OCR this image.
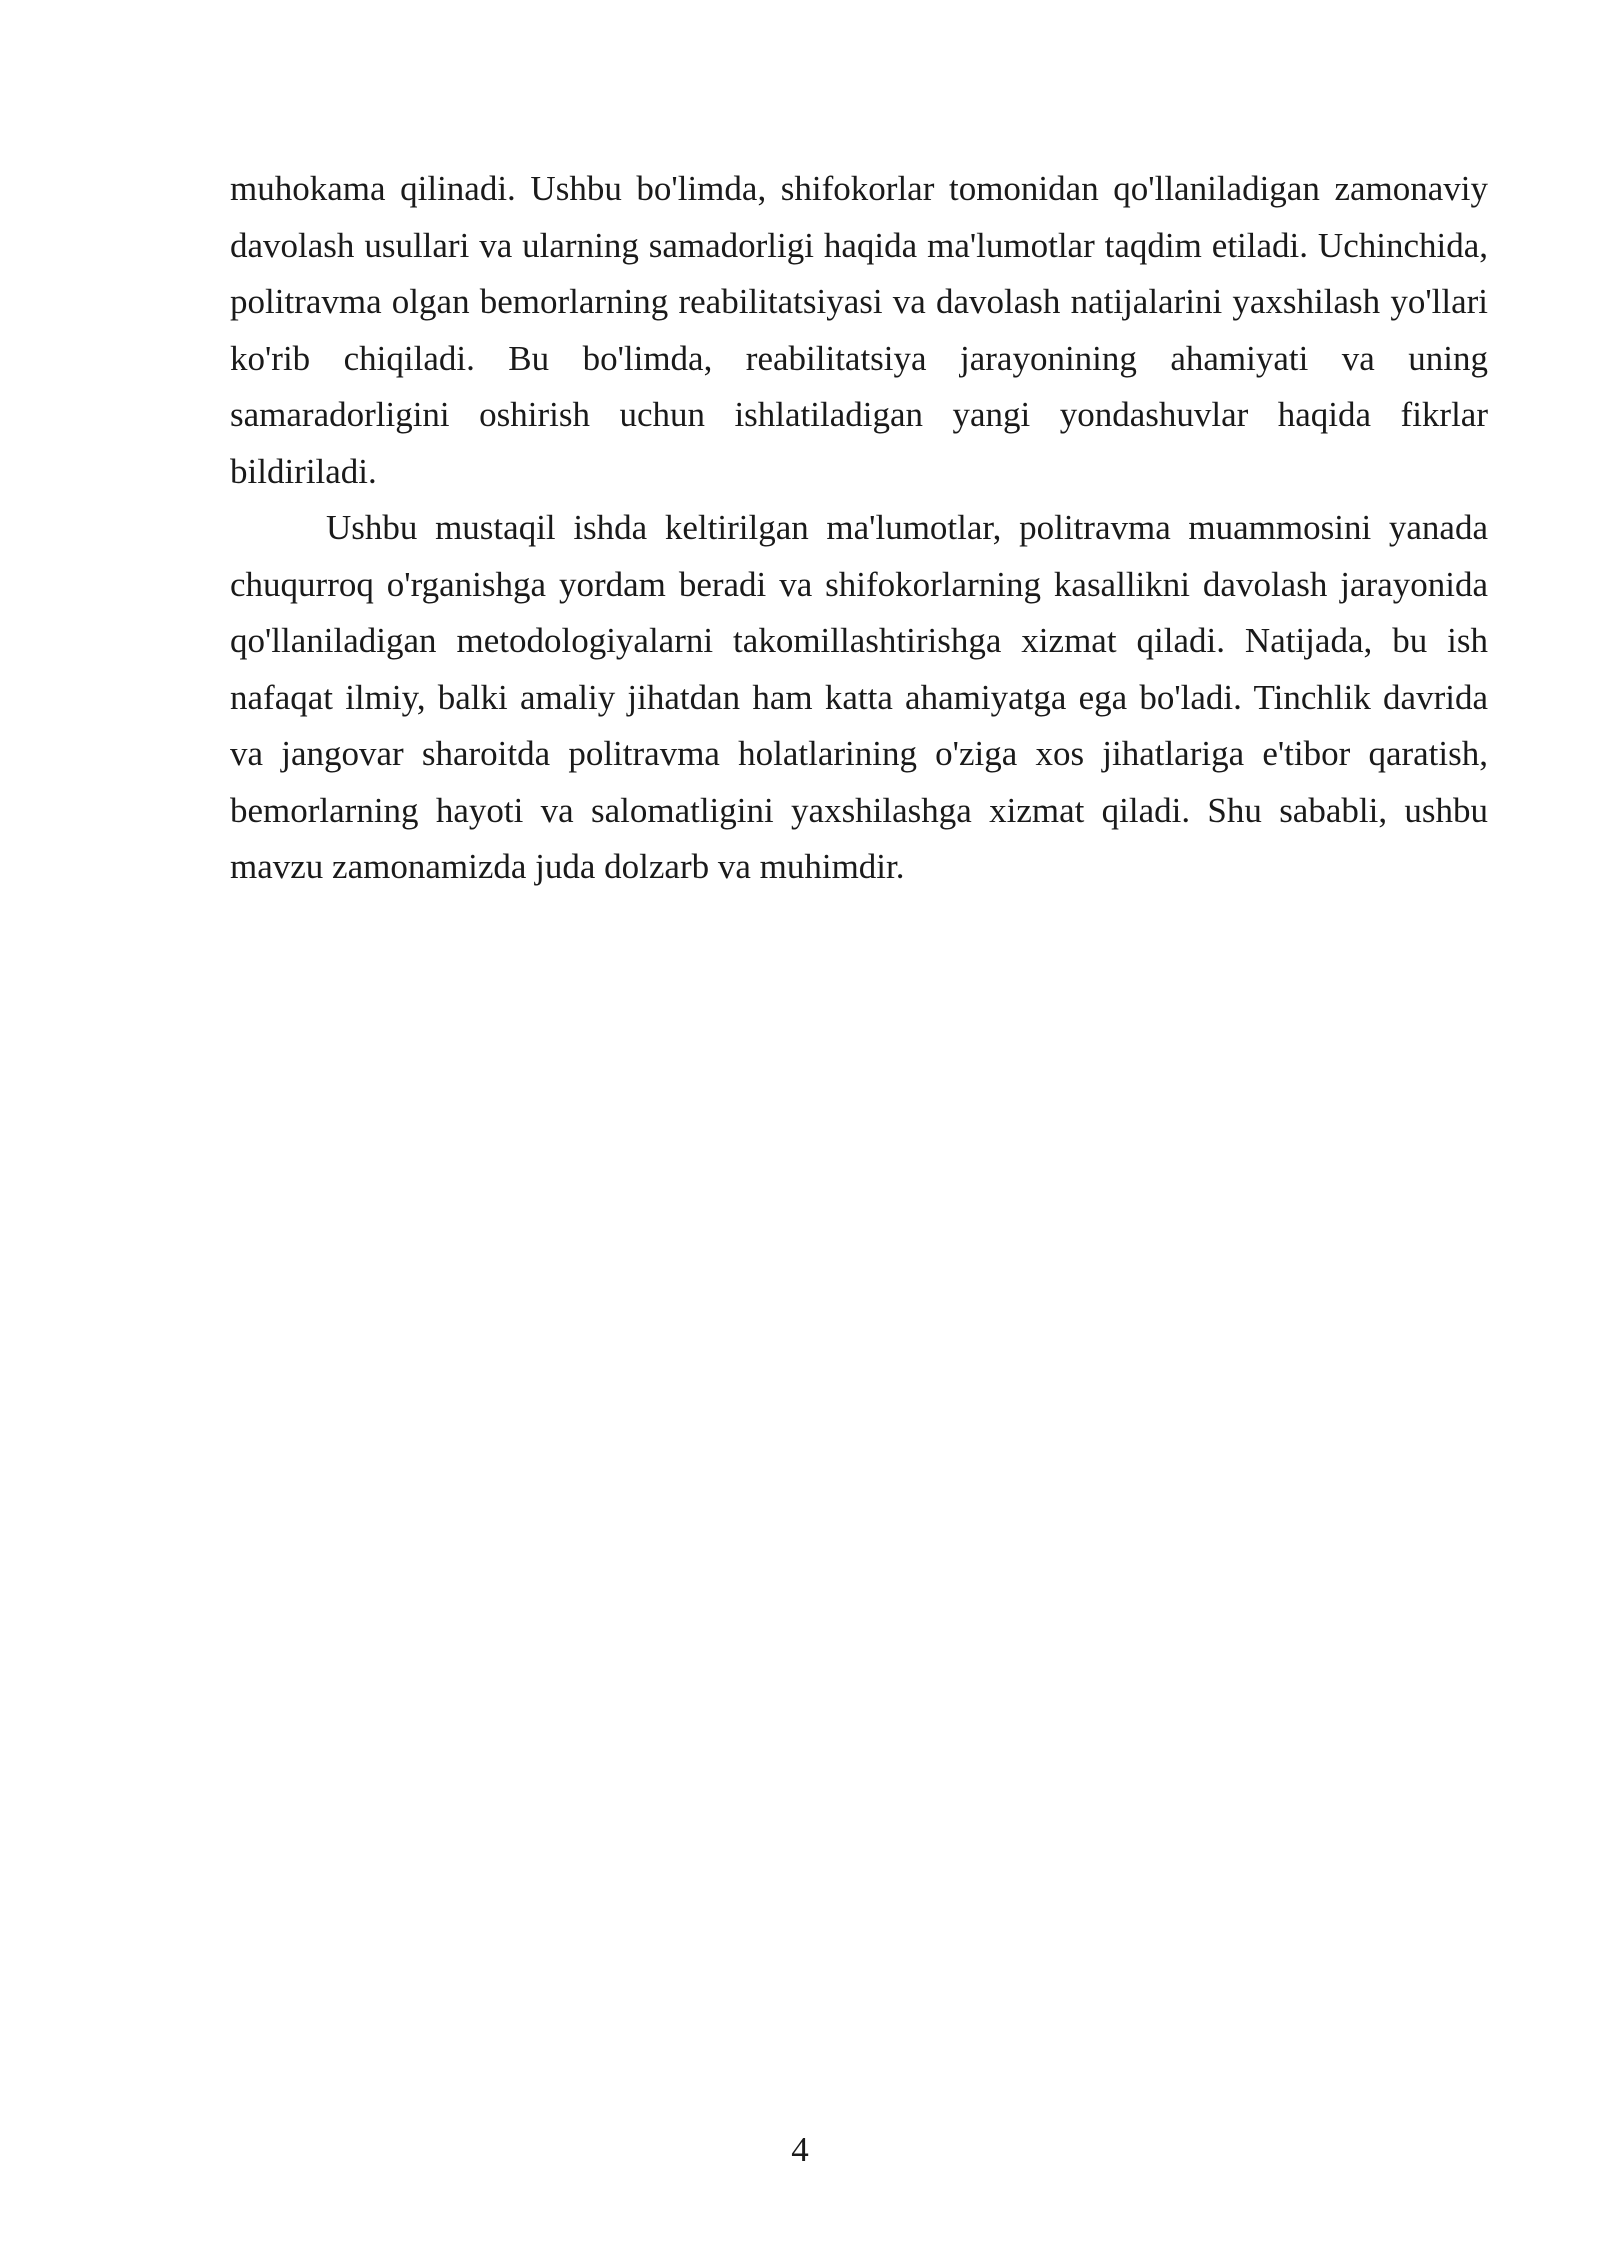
muhokama qilinadi. Ushbu bo'limda, shifokorlar tomonidan qo'llaniladigan zamonaviy davolash usullari va ularning samadorligi haqida ma'lumotlar taqdim etiladi. Uchinchida, politravma olgan bemorlarning reabilitatsiyasi va davolash natijalarini yaxshilash yo'llari ko'rib chiqiladi. Bu bo'limda, reabilitatsiya jarayonining ahamiyati va uning samaradorligini oshirish uchun ishlatiladigan yangi yondashuvlar haqida fikrlar bildiriladi.

Ushbu mustaqil ishda keltirilgan ma'lumotlar, politravma muammosini yanada chuqurroq o'rganishga yordam beradi va shifokorlarning kasallikni davolash jarayonida qo'llaniladigan metodologiyalarni takomillashtirishga xizmat qiladi. Natijada, bu ish nafaqat ilmiy, balki amaliy jihatdan ham katta ahamiyatga ega bo'ladi. Tinchlik davrida va jangovar sharoitda politravma holatlarining o'ziga xos jihatlariga e'tibor qaratish, bemorlarning hayoti va salomatligini yaxshilashga xizmat qiladi. Shu sababli, ushbu mavzu zamonamizda juda dolzarb va muhimdir.

4
